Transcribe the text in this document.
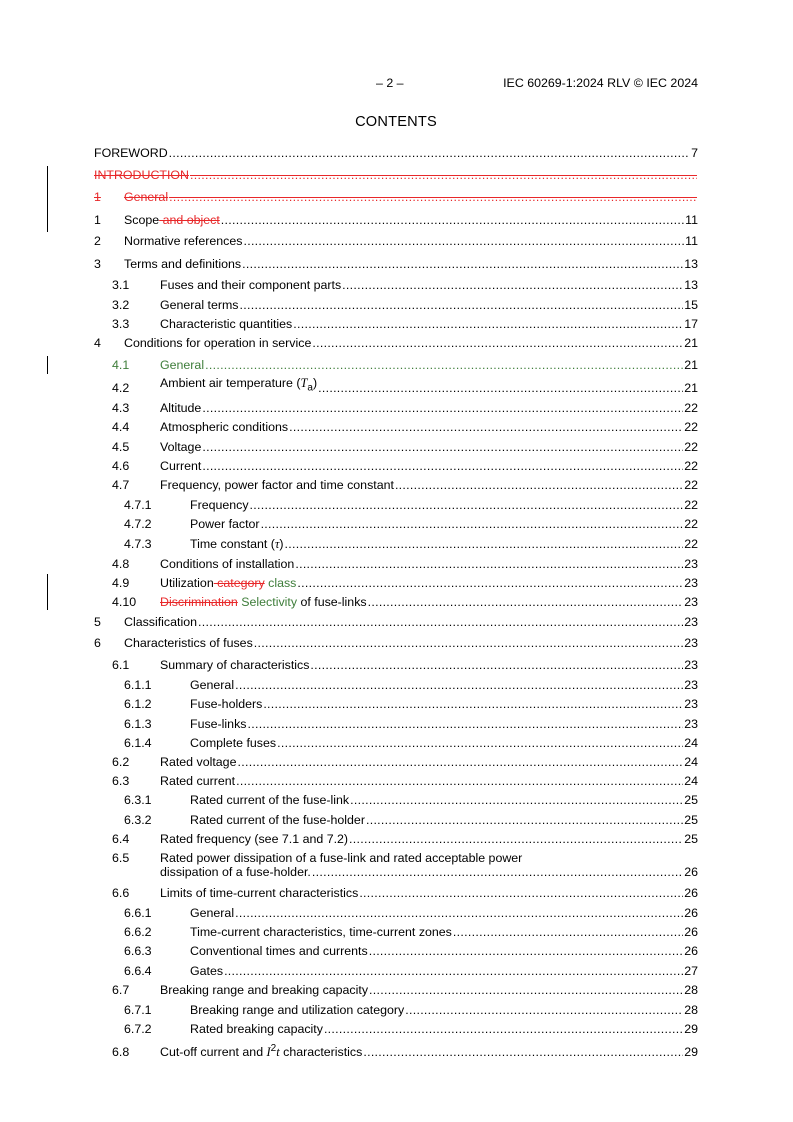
– 2 –	IEC 60269-1:2024 RLV © IEC 2024
CONTENTS
FOREWORD .....	7
INTRODUCTION
.....
1	General
.....
1	Scope and object .....	11
2	Normative references .....	11
3	Terms and definitions .....	13
3.1	Fuses and their component parts .....	13
3.2	General terms .....	15
3.3	Characteristic quantities .....	17
4	Conditions for operation in service .....	21
4.1	General .....	21
4.2	Ambient air temperature $(T_a)$ .....	21
4.3	Altitude .....	22
4.4	Atmospheric conditions .....	22
4.5	Voltage .....	22
4.6	Current .....	22
4.7	Frequency, power factor and time constant .....	22
4.7.1	Frequency .....	22
4.7.2	Power factor .....	22
4.7.3	Time constant (τ) .....	22
4.8	Conditions of installation .....	23
4.9	Utilization category class .....	23
4.10	Discrimination Selectivity of fuse-links .....	23
5	Classification .....	23
6	Characteristics of fuses .....	23
6.1	Summary of characteristics .....	23
6.1.1	General .....	23
6.1.2	Fuse-holders .....	23
6.1.3	Fuse-links .....	23
6.1.4	Complete fuses .....	24
6.2	Rated voltage .....	24
6.3	Rated current .....	24
6.3.1	Rated current of the fuse-link .....	25
6.3.2	Rated current of the fuse-holder .....	25
6.4	Rated frequency (see 7.1 and 7.2) .....	25
6.5 Rated power dissipation of a fuse-link and rated acceptable power
dissipation of a fuse-holder. .....	26
6.6	Limits of time-current characteristics .....	26
6.6.1	General .....	26
6.6.2	Time-current characteristics, time-current zones .....	26
6.6.3	Conventional times and currents .....	26
6.6.4	Gates .....	27
6.7	Breaking range and breaking capacity .....	28
6.7.1	Breaking range and utilization category .....	28
6.7.2	Rated breaking capacity .....	29
6.8	Cut-off current and $I^2t$ characteristics .....	29
